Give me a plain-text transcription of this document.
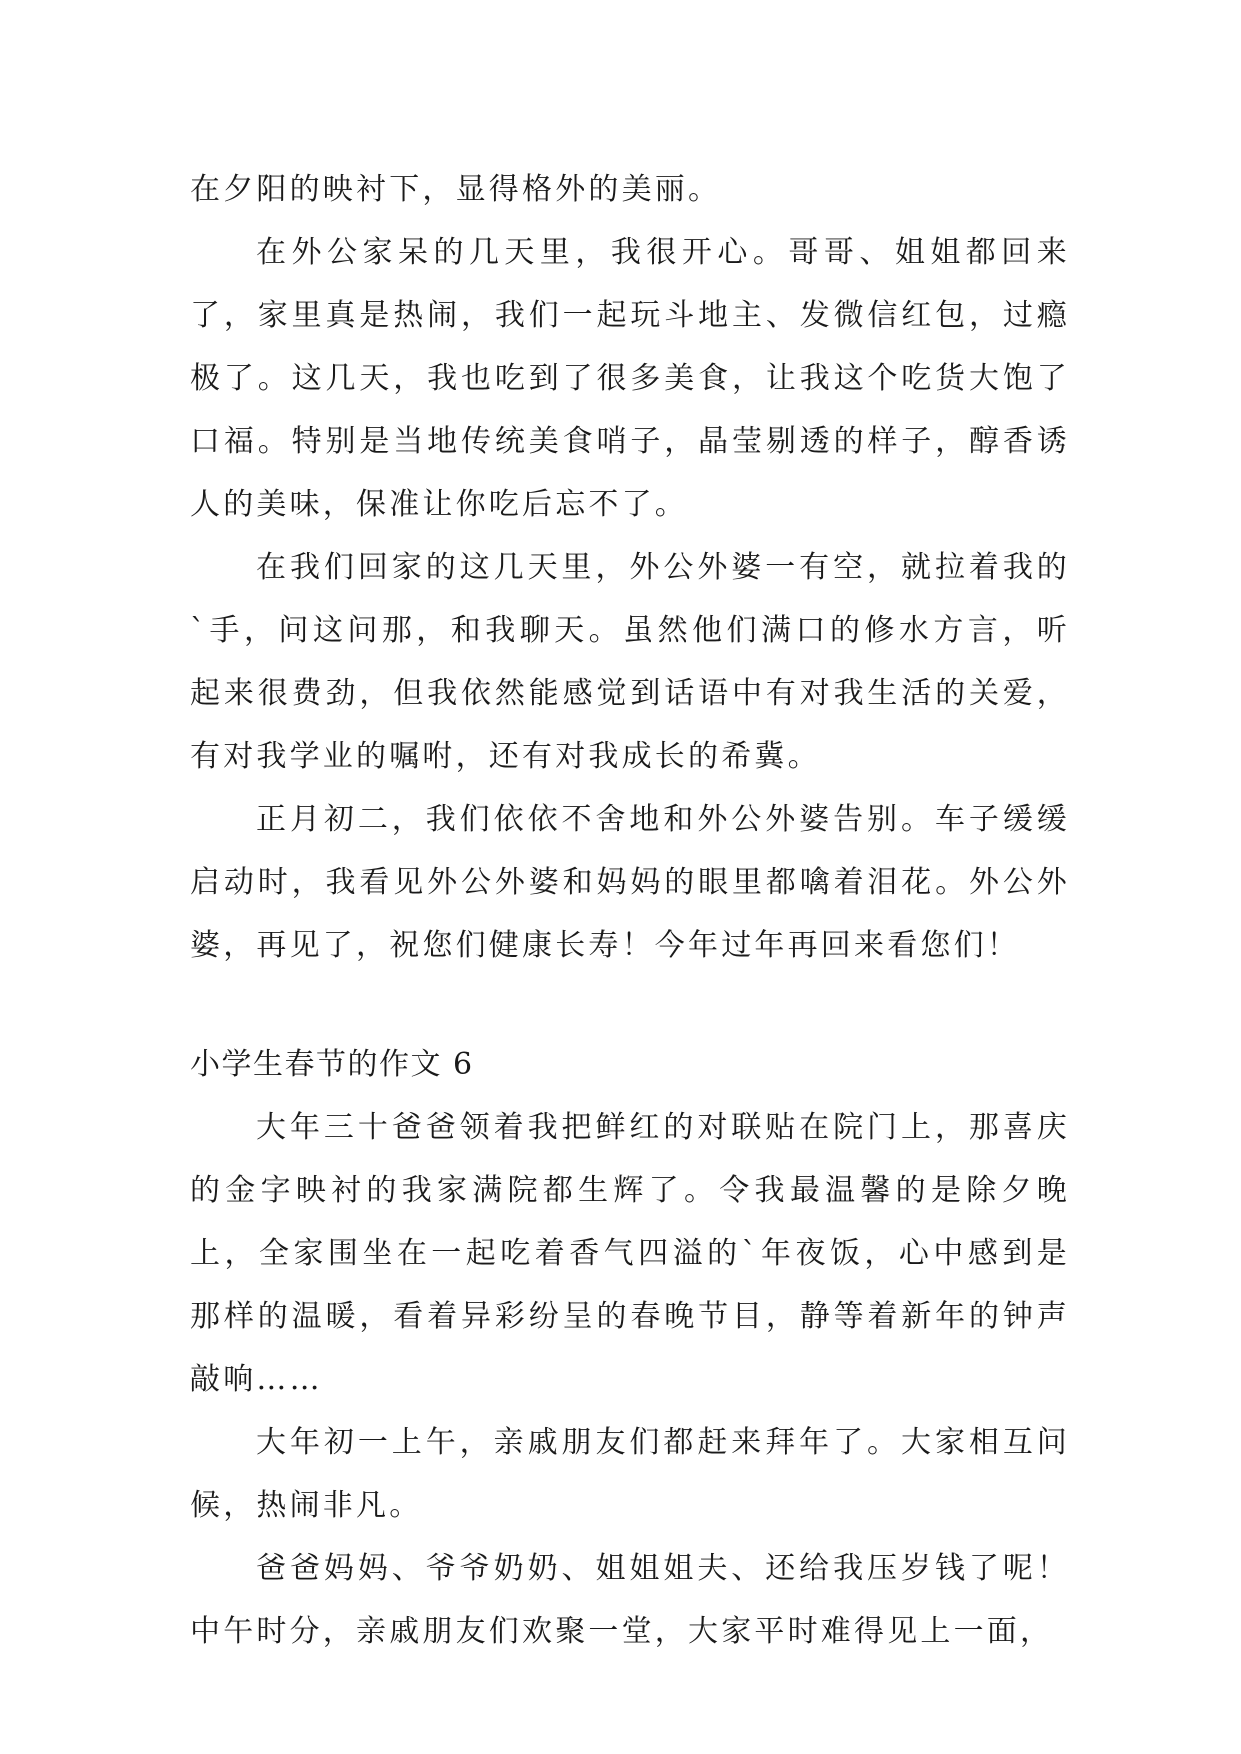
在夕阳的映衬下，显得格外的美丽。

在外公家呆的几天里，我很开心。哥哥、姐姐都回来了，家里真是热闹，我们一起玩斗地主、发微信红包，过瘾极了。这几天，我也吃到了很多美食，让我这个吃货大饱了口福。特别是当地传统美食哨子，晶莹剔透的样子，醇香诱人的美味，保准让你吃后忘不了。

在我们回家的这几天里，外公外婆一有空，就拉着我的`手，问这问那，和我聊天。虽然他们满口的修水方言，听起来很费劲，但我依然能感觉到话语中有对我生活的关爱，有对我学业的嘱咐，还有对我成长的希冀。

正月初二，我们依依不舍地和外公外婆告别。车子缓缓启动时，我看见外公外婆和妈妈的眼里都噙着泪花。外公外婆，再见了，祝您们健康长寿！今年过年再回来看您们！

小学生春节的作文 6

大年三十爸爸领着我把鲜红的对联贴在院门上，那喜庆的金字映衬的我家满院都生辉了。令我最温馨的是除夕晚上，全家围坐在一起吃着香气四溢的`年夜饭，心中感到是那样的温暖，看着异彩纷呈的春晚节目，静等着新年的钟声敲响……

大年初一上午，亲戚朋友们都赶来拜年了。大家相互问候，热闹非凡。

爸爸妈妈、爷爷奶奶、姐姐姐夫、还给我压岁钱了呢！中午时分，亲戚朋友们欢聚一堂，大家平时难得见上一面，
